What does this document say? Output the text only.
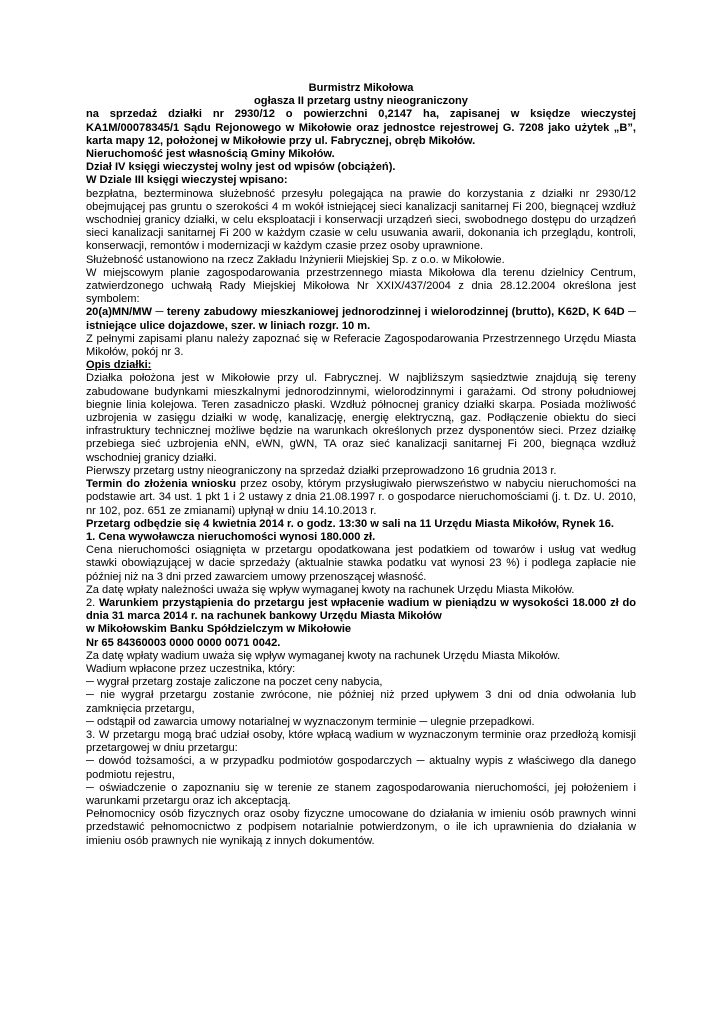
Burmistrz Mikołowa

ogłasza II przetarg ustny nieograniczony

na sprzedaż działki nr 2930/12 o powierzchni 0,2147 ha, zapisanej w księdze wieczystej KA1M/00078345/1 Sądu Rejonowego w Mikołowie oraz jednostce rejestrowej G. 7208 jako użytek „B”, karta mapy 12, położonej w Mikołowie przy ul. Fabrycznej, obręb Mikołów.

Nieruchomość jest własnością Gminy Mikołów.

Dział IV księgi wieczystej wolny jest od wpisów (obciążeń).

W Dziale III księgi wieczystej wpisano:

bezpłatna, bezterminowa służebność przesyłu polegająca na prawie do korzystania z działki nr 2930/12 obejmującej pas gruntu o szerokości 4 m wokół istniejącej sieci kanalizacji sanitarnej Fi 200, biegnącej wzdłuż wschodniej granicy działki, w celu eksploatacji i konserwacji urządzeń sieci, swobodnego dostępu do urządzeń sieci kanalizacji sanitarnej Fi 200 w każdym czasie w celu usuwania awarii, dokonania ich przeglądu, kontroli, konserwacji, remontów i modernizacji w każdym czasie przez osoby uprawnione.

Służebność ustanowiono na rzecz Zakładu Inżynierii Miejskiej Sp. z o.o. w Mikołowie.

W miejscowym planie zagospodarowania przestrzennego miasta Mikołowa dla terenu dzielnicy Centrum, zatwierdzonego uchwałą Rady Miejskiej Mikołowa Nr XXIX/437/2004 z dnia 28.12.2004 określona jest symbolem:

20(a)MN/MW ─ tereny zabudowy mieszkaniowej jednorodzinnej i wielorodzinnej (brutto), K62D, K 64D ─ istniejące ulice dojazdowe, szer. w liniach rozgr. 10 m.

Z pełnymi zapisami planu należy zapoznać się w Referacie Zagospodarowania Przestrzennego Urzędu Miasta Mikołów, pokój nr 3.

Opis działki:

Działka położona jest w Mikołowie przy ul. Fabrycznej. W najbliższym sąsiedztwie znajdują się tereny zabudowane budynkami mieszkalnymi jednorodzinnymi, wielorodzinnymi i garażami. Od strony południowej biegnie linia kolejowa. Teren zasadniczo płaski. Wzdłuż północnej granicy działki skarpa. Posiada możliwość uzbrojenia w zasięgu działki w wodę, kanalizację, energię elektryczną, gaz. Podłączenie obiektu do sieci infrastruktury technicznej możliwe będzie na warunkach określonych przez dysponentów sieci. Przez działkę przebiega sieć uzbrojenia eNN, eWN, gWN, TA oraz sieć kanalizacji sanitarnej Fi 200, biegnąca wzdłuż wschodniej granicy działki.

Pierwszy przetarg ustny nieograniczony na sprzedaż działki przeprowadzono 16 grudnia 2013 r.

Termin do złożenia wniosku przez osoby, którym przysługiwało pierwszeństwo w nabyciu nieruchomości na podstawie art. 34 ust. 1 pkt 1 i 2 ustawy z dnia 21.08.1997 r. o gospodarce nieruchomościami (j. t. Dz. U. 2010, nr 102, poz. 651 ze zmianami) upłynął w dniu 14.10.2013 r.

Przetarg odbędzie się 4 kwietnia 2014 r. o godz. 13:30 w sali na 11 Urzędu Miasta Mikołów, Rynek 16.

1. Cena wywoławcza nieruchomości wynosi 180.000 zł.

Cena nieruchomości osiągnięta w przetargu opodatkowana jest podatkiem od towarów i usług vat według stawki obowiązującej w dacie sprzedaży (aktualnie stawka podatku vat wynosi 23 %) i podlega zapłacie nie później niż na 3 dni przed zawarciem umowy przenoszącej własność.

Za datę wpłaty należności uważa się wpływ wymaganej kwoty na rachunek Urzędu Miasta Mikołów.

2. Warunkiem przystąpienia do przetargu jest wpłacenie wadium w pieniądzu w wysokości 18.000 zł do dnia 31 marca 2014 r. na rachunek bankowy Urzędu Miasta Mikołów

w Mikołowskim Banku Spółdzielczym w Mikołowie

Nr 65 84360003 0000 0000 0071 0042.

Za datę wpłaty wadium uważa się wpływ wymaganej kwoty na rachunek Urzędu Miasta Mikołów.

Wadium wpłacone przez uczestnika, który:

─ wygrał przetarg zostaje zaliczone na poczet ceny nabycia,

─ nie wygrał przetargu zostanie zwrócone, nie później niż przed upływem 3 dni od dnia odwołania lub zamknięcia przetargu,

─ odstąpił od zawarcia umowy notarialnej w wyznaczonym terminie ─ ulegnie przepadkowi.

3. W przetargu mogą brać udział osoby, które wpłacą wadium w wyznaczonym terminie oraz przedłożą komisji przetargowej w dniu przetargu:

─ dowód tożsamości, a w przypadku podmiotów gospodarczych ─ aktualny wypis z właściwego dla danego podmiotu rejestru,

─ oświadczenie o zapoznaniu się w terenie ze stanem zagospodarowania nieruchomości, jej położeniem i warunkami przetargu oraz ich akceptacją.

Pełnomocnicy osób fizycznych oraz osoby fizyczne umocowane do działania w imieniu osób prawnych winni przedstawić pełnomocnictwo z podpisem notarialnie potwierdzonym, o ile ich uprawnienia do działania w imieniu osób prawnych nie wynikają z innych dokumentów.
